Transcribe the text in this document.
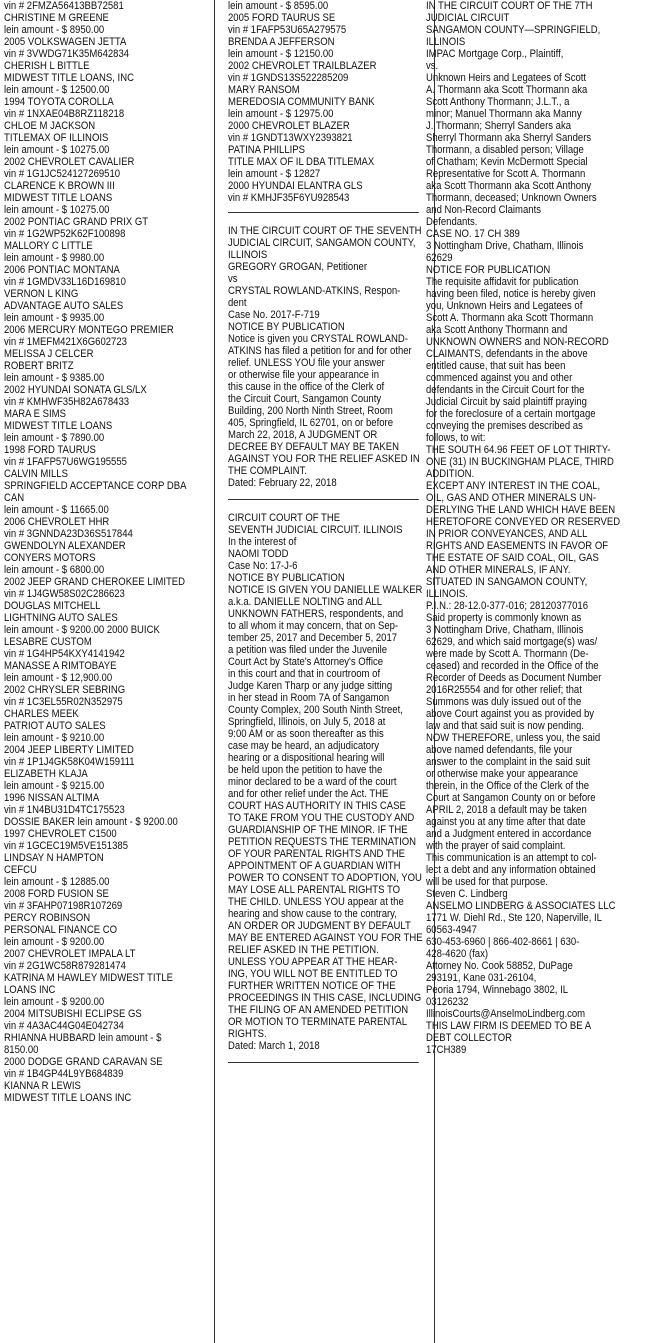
vin # 2FMZA56413BB72581
CHRISTINE M GREENE
lein amount - $ 8950.00
2005 VOLKSWAGEN JETTA
vin # 3VWDG71K35M642834
CHERISH L BITTLE
MIDWEST TITLE LOANS, INC
lein amount - $ 12500.00
1994 TOYOTA COROLLA
vin # 1NXAE04B8RZ118218
CHLOE M JACKSON
TITLEMAX OF ILLINOIS
lein amount - $ 10275.00
2002 CHEVROLET CAVALIER
vin # 1G1JC524127269510
CLARENCE K BROWN III
MIDWEST TITLE LOANS
lein amount - $ 10275.00
2002 PONTIAC GRAND PRIX GT
vin # 1G2WP52K62F100898
MALLORY C LITTLE
lein amount - $ 9980.00
2006 PONTIAC MONTANA
vin # 1GMDV33L16D169810
VERNON L KING
ADVANTAGE AUTO SALES
lein amount - $ 9935.00
2006 MERCURY MONTEGO PREMIER
vin # 1MEFM421X6G602723
MELISSA J CELCER
ROBERT BRITZ
lein amount - $ 9385.00
2002 HYUNDAI SONATA GLS/LX
vin # KMHWF35H82A678433
MARA E SIMS
MIDWEST TITLE LOANS
lein amount - $ 7890.00
1998 FORD TAURUS
vin # 1FAFP57U6WG195555
CALVIN MILLS
SPRINGFIELD ACCEPTANCE CORP DBA
CAN
lein amount - $ 11665.00
2006 CHEVROLET HHR
vin # 3GNNDA23D36S517844
GWENDOLYN ALEXANDER
CONYERS MOTORS
lein amount - $ 6800.00
2002 JEEP GRAND CHEROKEE LIMITED
vin # 1J4GW58S02C286623
DOUGLAS MITCHELL
LIGHTNING AUTO SALES
lein amount - $ 9200.00 2000 BUICK
LESABRE CUSTOM
vin # 1G4HP54KXY4141942
MANASSE A RIMTOBAYE
lein amount - $ 12,900.00
2002 CHRYSLER SEBRING
vin # 1C3EL55R02N352975
CHARLES MEEK
PATRIOT AUTO SALES
lein amount - $ 9210.00
2004 JEEP LIBERTY LIMITED
vin # 1P1J4GK58K04W159111
ELIZABETH KLAJA
lein amount - $ 9215.00
1996 NISSAN ALTIMA
vin # 1N4BU31D4TC175523
DOSSIE BAKER lein amount - $ 9200.00
1997 CHEVROLET C1500
vin # 1GCEC19M5VE151385
LINDSAY N HAMPTON
CEFCU
lein amount - $ 12885.00
2008 FORD FUSION SE
vin # 3FAHP07198R107269
PERCY ROBINSON
PERSONAL FINANCE CO
lein amount - $ 9200.00
2007 CHEVROLET IMPALA LT
vin # 2G1WC58R879281474
KATRINA M HAWLEY MIDWEST TITLE
LOANS INC
lein amount - $ 9200.00
2004 MITSUBISHI ECLIPSE GS
vin # 4A3AC44G04E042734
RHIANNA HUBBARD lein amount - $
8150.00
2000 DODGE GRAND CARAVAN SE
vin # 1B4GP44L9YB684839
KIANNA R LEWIS
MIDWEST TITLE LOANS INC
lein amount - $ 8595.00
2005 FORD TAURUS SE
vin # 1FAFP53U65A279575
BRENDA A JEFFERSON
lein amount - $ 12150.00
2002 CHEVROLET TRAILBLAZER
vin # 1GNDS13S522285209
MARY RANSOM
MEREDOSIA COMMUNITY BANK
lein amount - $ 12975.00
2000 CHEVROLET BLAZER
vin # 1GNDT13WXY2393821
PATINA PHILLIPS
TITLE MAX OF IL DBA TITLEMAX
lein amount - $ 12827
2000 HYUNDAI ELANTRA GLS
vin # KMHJF35F6YU928543
IN THE CIRCUIT COURT OF THE SEVENTH
JUDICIAL CIRCUIT, SANGAMON COUNTY,
ILLINOIS
GREGORY GROGAN, Petitioner
vs
CRYSTAL ROWLAND-ATKINS, Respon-
dent
Case No. 2017-F-719
NOTICE BY PUBLICATION
Notice is given you CRYSTAL ROWLAND-
ATKINS has filed a petition for and for other
relief. UNLESS YOU file your answer
or otherwise file your appearance in
this cause in the office of the Clerk of
the Circuit Court, Sangamon County
Building, 200 North Ninth Street, Room
405, Springfield, IL 62701, on or before
March 22, 2018, A JUDGMENT OR
DECREE BY DEFAULT MAY BE TAKEN
AGAINST YOU FOR THE RELIEF ASKED IN
THE COMPLAINT.
Dated: February 22, 2018
CIRCUIT COURT OF THE
SEVENTH JUDICIAL CIRCUIT. ILLINOIS
In the interest of
NAOMI TODD
Case No: 17-J-6
NOTICE BY PUBLICATION
NOTICE IS GIVEN YOU DANIELLE WALKER
a.k.a. DANIELLE NOLTING and ALL
UNKNOWN FATHERS, respondents, and
to all whom it may concern, that on Sep-
tember 25, 2017 and December 5, 2017
a petition was filed under the Juvenile
Court Act by State's Attorney's Office
in this court and that in courtroom of
Judge Karen Tharp or any judge sitting
in her stead in Room 7A of Sangamon
County Complex, 200 South Ninth Street,
Springfield, Illinois, on July 5, 2018 at
9:00 AM or as soon thereafter as this
case may be heard, an adjudicatory
hearing or a dispositional hearing will
be held upon the petition to have the
minor declared to be a ward of the court
and for other relief under the Act. THE
COURT HAS AUTHORITY IN THIS CASE
TO TAKE FROM YOU THE CUSTODY AND
GUARDIANSHIP OF THE MINOR. IF THE
PETITION REQUESTS THE TERMINATION
OF YOUR PARENTAL RIGHTS AND THE
APPOINTMENT OF A GUARDIAN WITH
POWER TO CONSENT TO ADOPTION, YOU
MAY LOSE ALL PARENTAL RIGHTS TO
THE CHILD. UNLESS YOU appear at the
hearing and show cause to the contrary,
AN ORDER OR JUDGMENT BY DEFAULT
MAY BE ENTERED AGAINST YOU FOR THE
RELIEF ASKED IN THE PETITION.
UNLESS YOU APPEAR AT THE HEAR-
ING, YOU WILL NOT BE ENTITLED TO
FURTHER WRITTEN NOTICE OF THE
PROCEEDINGS IN THIS CASE, INCLUDING
THE FILING OF AN AMENDED PETITION
OR MOTION TO TERMINATE PARENTAL
RIGHTS.
Dated: March 1, 2018
IN THE CIRCUIT COURT OF THE 7TH
JUDICIAL CIRCUIT
SANGAMON COUNTY—SPRINGFIELD,
ILLINOIS
IMPAC Mortgage Corp., Plaintiff,
vs.
Unknown Heirs and Legatees of Scott
A. Thormann aka Scott Thormann aka
Scott Anthony Thormann; J.L.T., a
minor; Manuel Thormann aka Manny
J. Thormann; Sherryl Sanders aka
Sherryl Thormann aka Sherryl Sanders
Thormann, a disabled person; Village
of Chatham; Kevin McDermott Special
Representative for Scott A. Thormann
aka Scott Thormann aka Scott Anthony
Thormann, deceased; Unknown Owners
and Non-Record Claimants
Defendants.
CASE NO. 17 CH 389
3 Nottingham Drive, Chatham, Illinois
62629
NOTICE FOR PUBLICATION
The requisite affidavit for publication
having been filed, notice is hereby given
you, Unknown Heirs and Legatees of
Scott A. Thormann aka Scott Thormann
aka Scott Anthony Thormann and
UNKNOWN OWNERS and NON-RECORD
CLAIMANTS, defendants in the above
entitled cause, that suit has been
commenced against you and other
defendants in the Circuit Court for the
Judicial Circuit by said plaintiff praying
for the foreclosure of a certain mortgage
conveying the premises described as
follows, to wit:
THE SOUTH 64.96 FEET OF LOT THIRTY-
ONE (31) IN BUCKINGHAM PLACE, THIRD
ADDITION.
EXCEPT ANY INTEREST IN THE COAL,
OIL, GAS AND OTHER MINERALS UN-
DERLYING THE LAND WHICH HAVE BEEN
HERETOFORE CONVEYED OR RESERVED
IN PRIOR CONVEYANCES, AND ALL
RIGHTS AND EASEMENTS IN FAVOR OF
THE ESTATE OF SAID COAL, OIL, GAS
AND OTHER MINERALS, IF ANY.
SITUATED IN SANGAMON COUNTY,
ILLINOIS.
P.I.N.: 28-12.0-377-016; 28120377016
Said property is commonly known as
3 Nottingham Drive, Chatham, Illinois
62629, and which said mortgage(s) was/
were made by Scott A. Thormann (De-
ceased) and recorded in the Office of the
Recorder of Deeds as Document Number
2016R25554 and for other relief; that
Summons was duly issued out of the
above Court against you as provided by
law and that said suit is now pending.
NOW THEREFORE, unless you, the said
above named defendants, file your
answer to the complaint in the said suit
or otherwise make your appearance
therein, in the Office of the Clerk of the
Court at Sangamon County on or before
APRIL 2, 2018 a default may be taken
against you at any time after that date
and a Judgment entered in accordance
with the prayer of said complaint.
This communication is an attempt to col-
lect a debt and any information obtained
will be used for that purpose.
Steven C. Lindberg
ANSELMO LINDBERG & ASSOCIATES LLC
1771 W. Diehl Rd., Ste 120, Naperville, IL
60563-4947
630-453-6960 | 866-402-8661 | 630-
428-4620 (fax)
Attorney No. Cook 58852, DuPage
293191, Kane 031-26104,
Peoria 1794, Winnebago 3802, IL
03126232
IllinoisCourts@AnselmoLindberg.com
THIS LAW FIRM IS DEEMED TO BE A
DEBT COLLECTOR
17CH389
